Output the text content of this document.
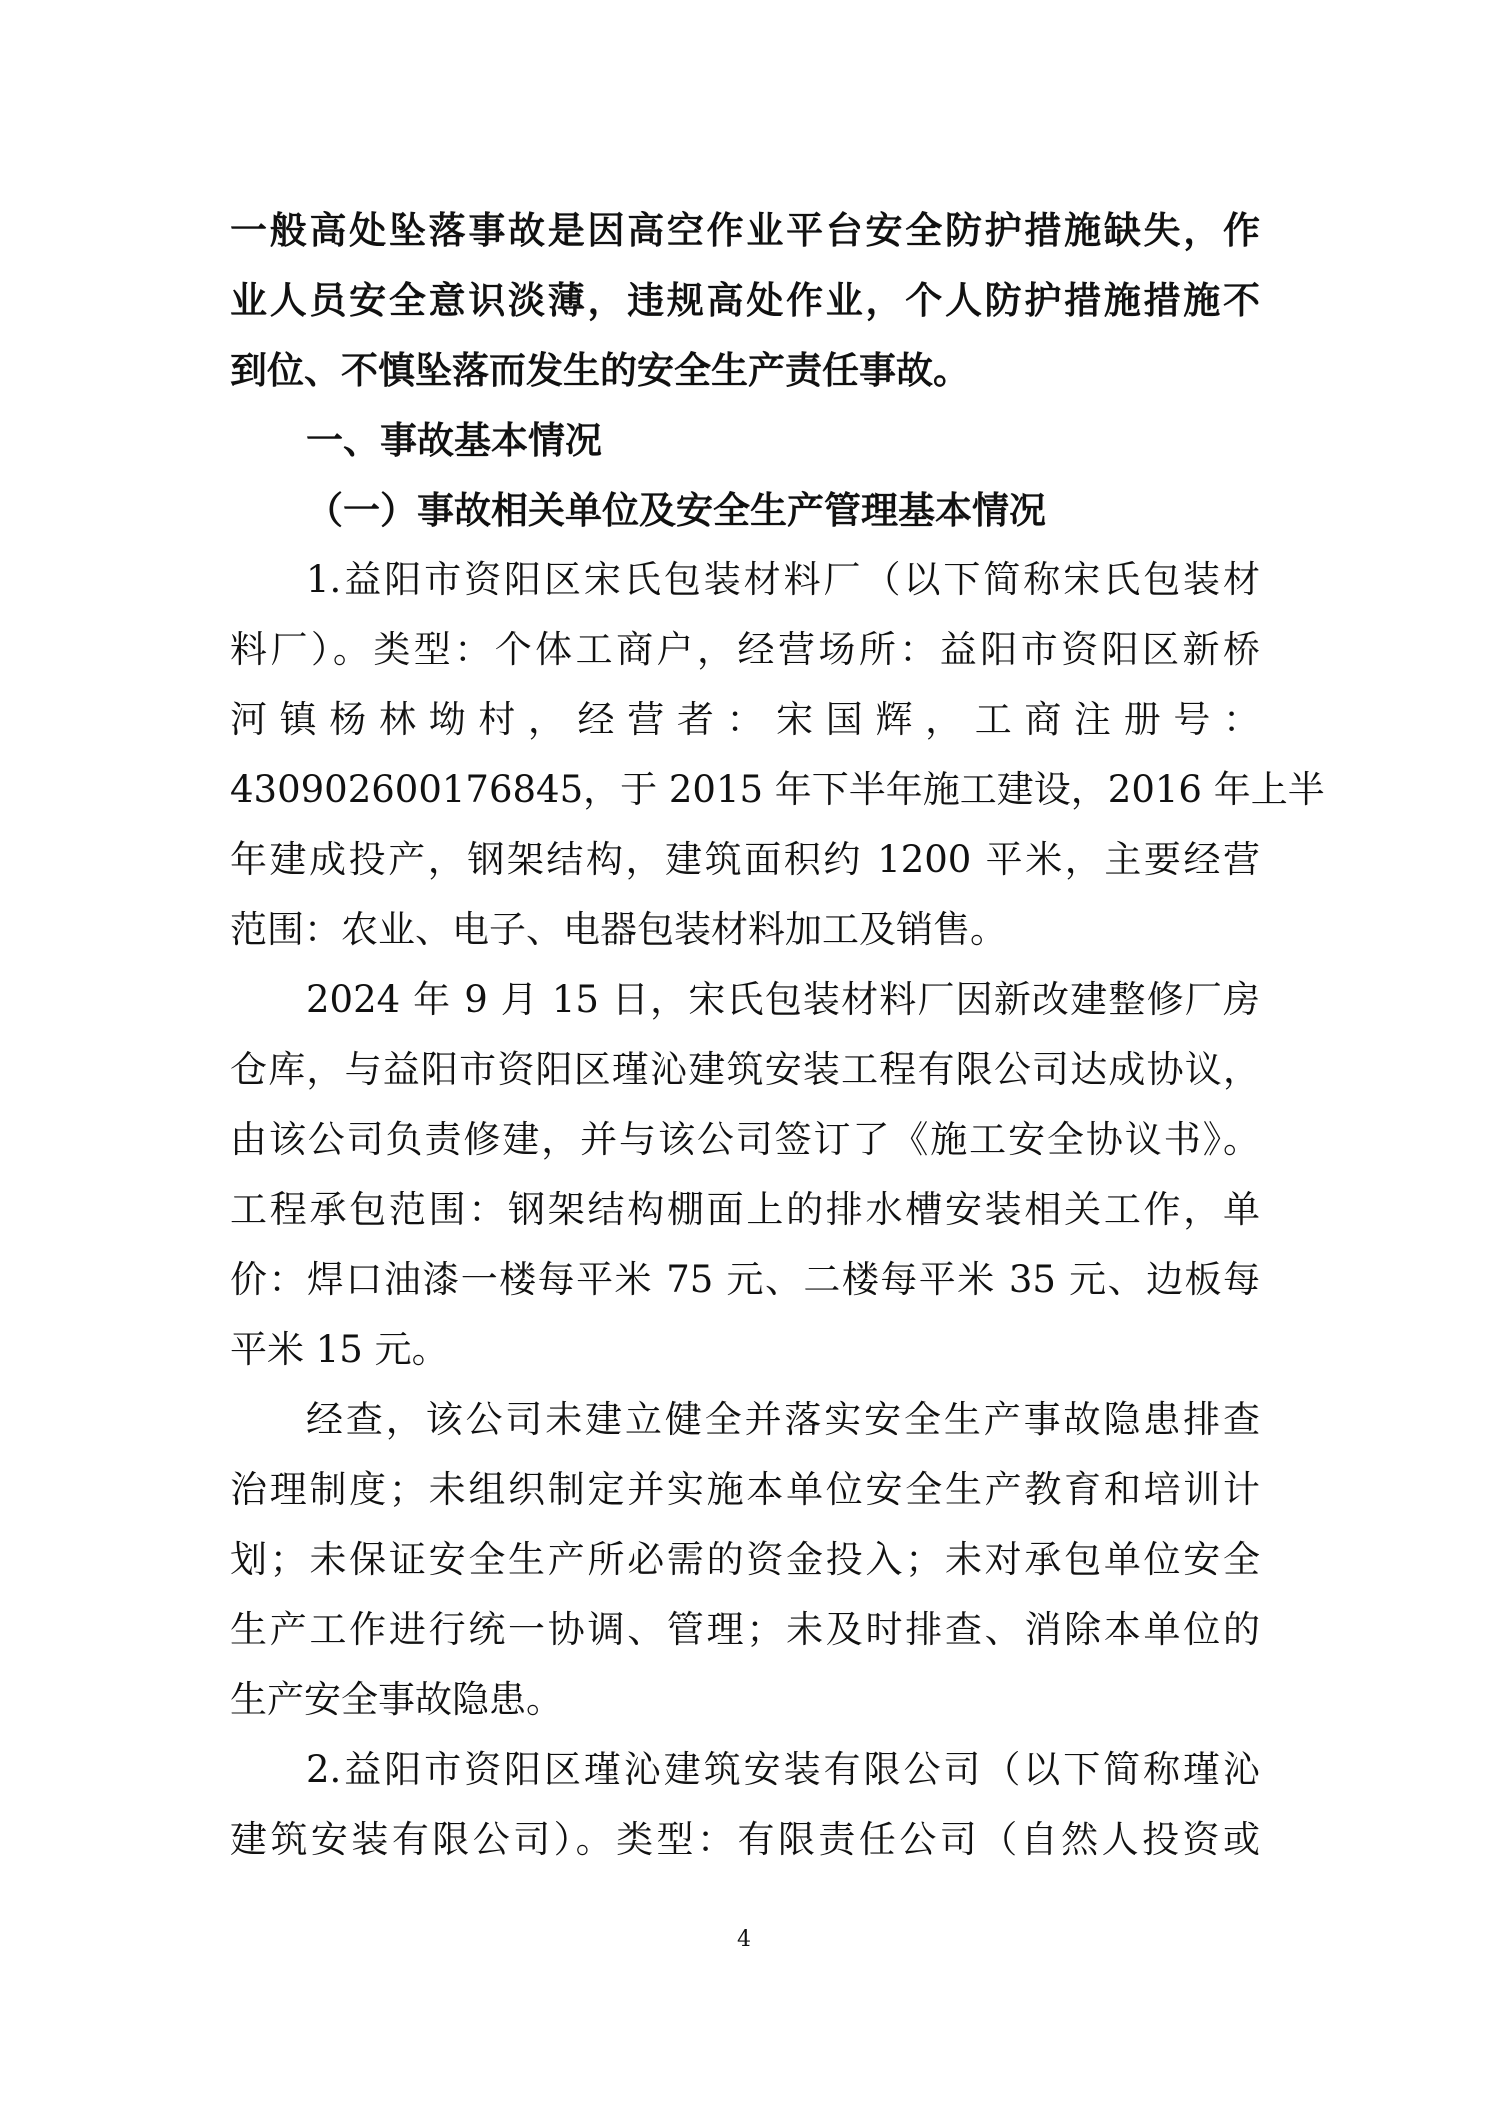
一般高处坠落事故是因高空作业平台安全防护措施缺失，作
业人员安全意识淡薄，违规高处作业，个人防护措施措施不
到位、不慎坠落而发生的安全生产责任事故。
一、事故基本情况
（一）事故相关单位及安全生产管理基本情况
1.益阳市资阳区宋氏包装材料厂（以下简称宋氏包装材
料厂）。类型：个体工商户，经营场所：益阳市资阳区新桥
河镇杨林坳村，经营者：宋国辉，工商注册号：
430902600176845，于 2015 年下半年施工建设，2016 年上半
年建成投产，钢架结构，建筑面积约 1200 平米，主要经营
范围：农业、电子、电器包装材料加工及销售。
2024 年 9 月 15 日，宋氏包装材料厂因新改建整修厂房
仓库，与益阳市资阳区瑾沁建筑安装工程有限公司达成协议，
由该公司负责修建，并与该公司签订了《施工安全协议书》。
工程承包范围：钢架结构棚面上的排水槽安装相关工作，单
价：焊口油漆一楼每平米 75 元、二楼每平米 35 元、边板每
平米 15 元。
经查，该公司未建立健全并落实安全生产事故隐患排查
治理制度；未组织制定并实施本单位安全生产教育和培训计
划；未保证安全生产所必需的资金投入；未对承包单位安全
生产工作进行统一协调、管理；未及时排查、消除本单位的
生产安全事故隐患。
2.益阳市资阳区瑾沁建筑安装有限公司（以下简称瑾沁
建筑安装有限公司）。类型：有限责任公司（自然人投资或
4
